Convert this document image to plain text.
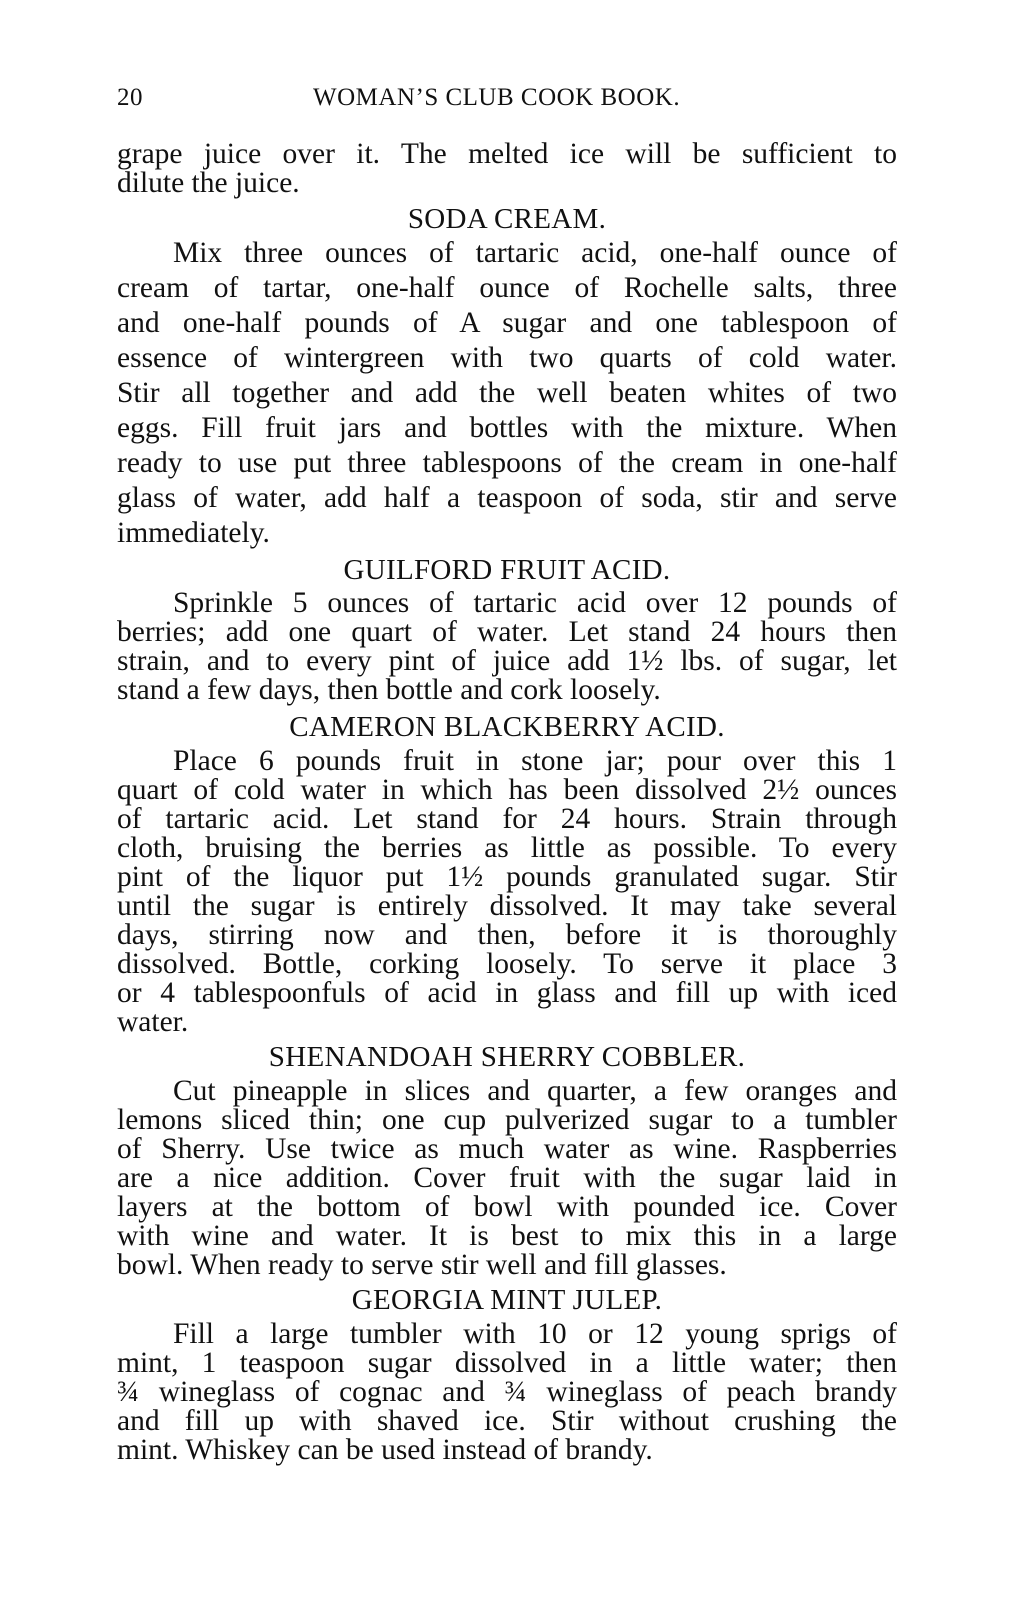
20	WOMAN’S CLUB COOK BOOK.
grape juice over it. The melted ice will be sufficient to
dilute the juice.
SODA CREAM.
Mix three ounces of tartaric acid, one-half ounce of
cream of tartar, one-half ounce of Rochelle salts, three
and one-half pounds of A sugar and one tablespoon of
essence of wintergreen with two quarts of cold water.
Stir all together and add the well beaten whites of two
eggs. Fill fruit jars and bottles with the mixture. When
ready to use put three tablespoons of the cream in one-half
glass of water, add half a teaspoon of soda, stir and serve
immediately.
GUILFORD FRUIT ACID.
Sprinkle 5 ounces of tartaric acid over 12 pounds of
berries; add one quart of water. Let stand 24 hours then
strain, and to every pint of juice add 1½ lbs. of sugar, let
stand a few days, then bottle and cork loosely.
CAMERON BLACKBERRY ACID.
Place 6 pounds fruit in stone jar; pour over this 1
quart of cold water in which has been dissolved 2½ ounces
of tartaric acid. Let stand for 24 hours. Strain through
cloth, bruising the berries as little as possible. To every
pint of the liquor put 1½ pounds granulated sugar. Stir
until the sugar is entirely dissolved. It may take several
days, stirring now and then, before it is thoroughly
dissolved. Bottle, corking loosely. To serve it place 3
or 4 tablespoonfuls of acid in glass and fill up with iced
water.
SHENANDOAH SHERRY COBBLER.
Cut pineapple in slices and quarter, a few oranges and
lemons sliced thin; one cup pulverized sugar to a tumbler
of Sherry. Use twice as much water as wine. Raspberries
are a nice addition. Cover fruit with the sugar laid in
layers at the bottom of bowl with pounded ice. Cover
with wine and water. It is best to mix this in a large
bowl. When ready to serve stir well and fill glasses.
GEORGIA MINT JULEP.
Fill a large tumbler with 10 or 12 young sprigs of
mint, 1 teaspoon sugar dissolved in a little water; then
¾ wineglass of cognac and ¾ wineglass of peach brandy
and fill up with shaved ice. Stir without crushing the
mint. Whiskey can be used instead of brandy.
